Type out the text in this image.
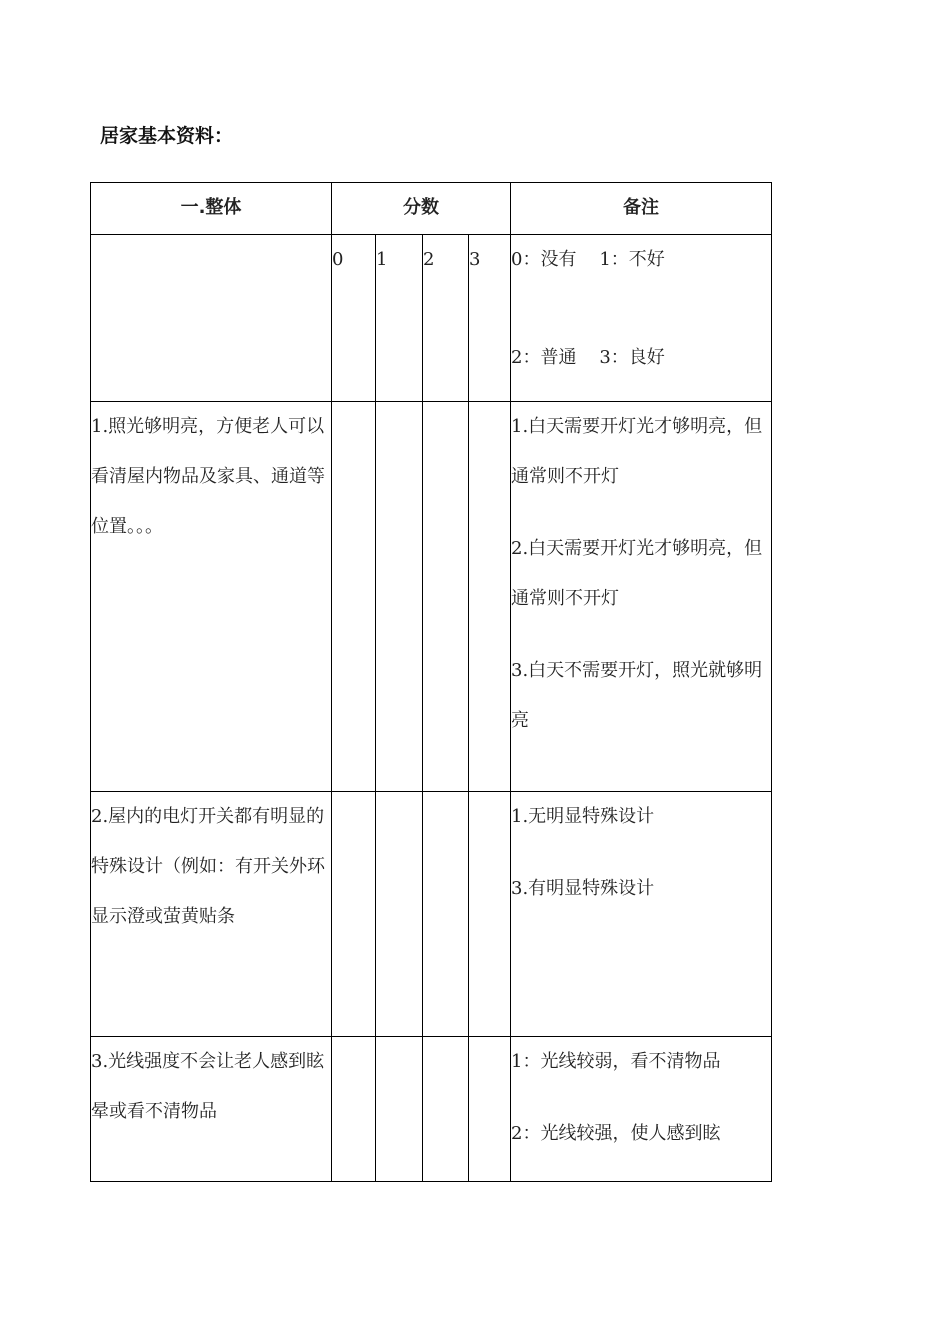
居家基本资料：
一.整体	分数				备注
	0	1	2	3	0：没有    1：不好
2：普通    3：良好

1.照光够明亮，方便老人可以看清屋内物品及家具、通道等位置。。。					1.白天需要开灯光才够明亮，但通常则不开灯
2.白天需要开灯光才够明亮，但通常则不开灯
3.白天不需要开灯，照光就够明亮

2.屋内的电灯开关都有明显的特殊设计（例如：有开关外环显示澄或萤黄贴条					1.无明显特殊设计
3.有明显特殊设计

3.光线强度不会让老人感到眩晕或看不清物品					1：光线较弱，看不清物品
2：光线较强，使人感到眩
